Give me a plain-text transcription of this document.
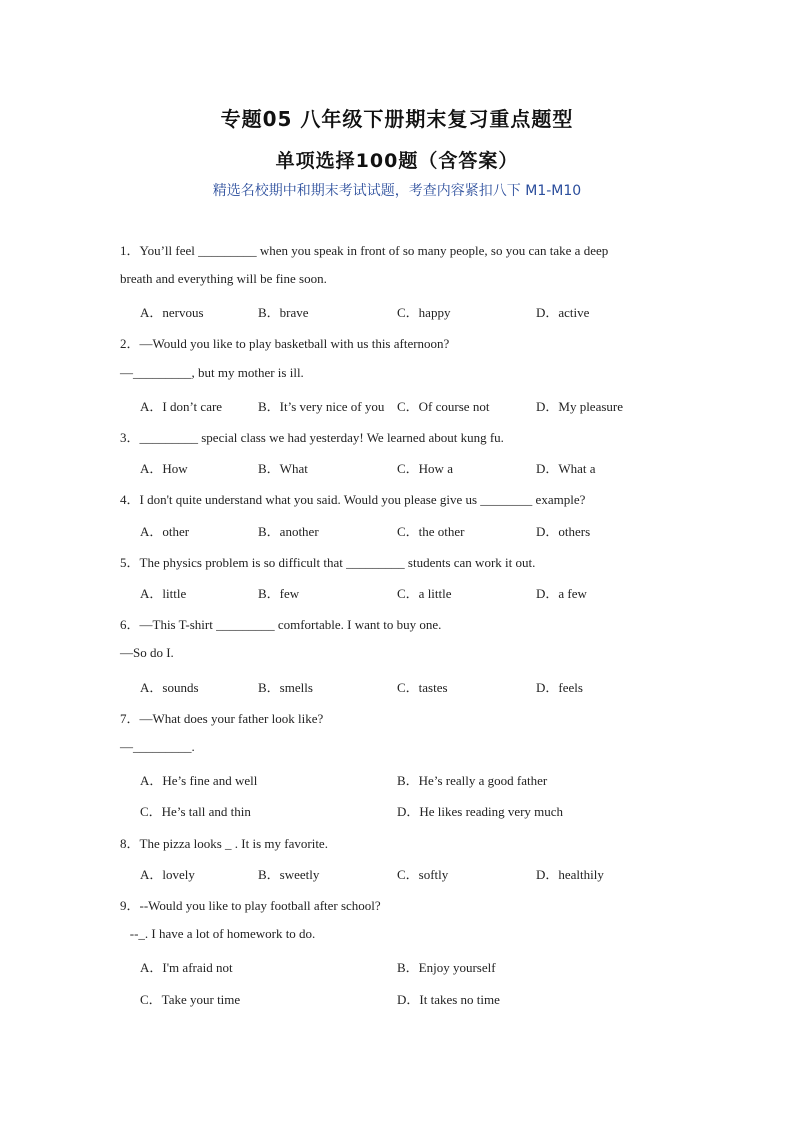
专题05 八年级下册期末复习重点题型
单项选择100题（含答案）
精选名校期中和期末考试试题，考查内容紧扣八下 M1-M10
1．You’ll feel _________ when you speak in front of so many people, so you can take a deep
breath and everything will be fine soon.
A．nervous	B．brave	C．happy	D．active
2．—Would you like to play basketball with us this afternoon?
—_________, but my mother is ill.
A．I don’t care	B．It’s very nice of you C．Of course not	D．My pleasure
3．_________ special class we had yesterday! We learned about kung fu.
A．How	B．What	C．How a	D．What a
4．I don't quite understand what you said. Would you please give us ________ example?
A．other	B．another	C．the other	D．others
5．The physics problem is so difficult that _________ students can work it out.
A．little	B．few	C．a little	D．a few
6．—This T-shirt _________ comfortable. I want to buy one.
—So do I.
A．sounds	B．smells	C．tastes	D．feels
7．—What does your father look like?
—_________.
A．He’s fine and well	B．He’s really a good father
C．He’s tall and thin	D．He likes reading very much
8．The pizza looks _ . It is my favorite.
A．lovely	B．sweetly	C．softly	D．healthily
9．--Would you like to play football after school?
--_. I have a lot of homework to do.
A．I'm afraid not	B．Enjoy yourself
C．Take your time	D．It takes no time
